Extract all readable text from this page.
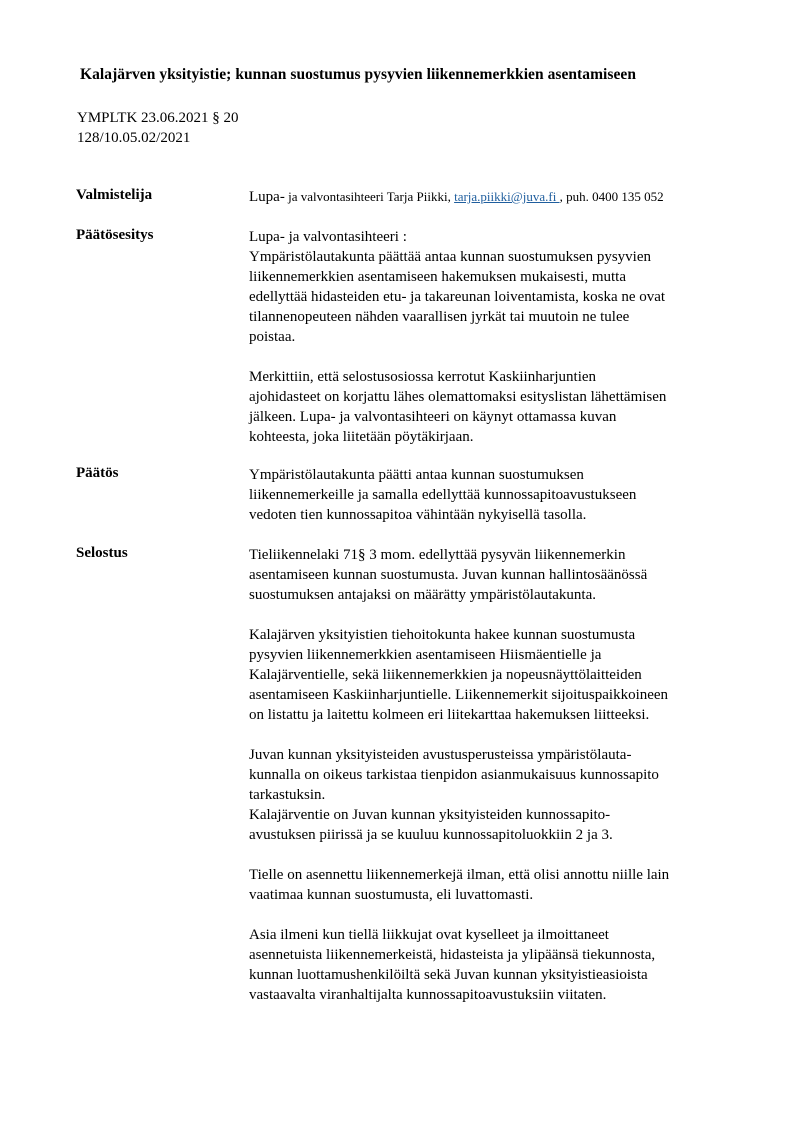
Kalajärven yksityistie; kunnan suostumus pysyvien liikennemerkkien asentamiseen
YMPLTK 23.06.2021 § 20
128/10.05.02/2021
Valmistelija	Lupa- ja valvontasihteeri Tarja Piikki, tarja.piikki@juva.fi , puh. 0400 135 052
Päätösesitys	Lupa- ja valvontasihteeri :
Ympäristölautakunta päättää antaa kunnan suostumuksen pysyvien
liikennemerkkien asentamiseen hakemuksen mukaisesti, mutta
edellyttää hidasteiden etu- ja takareunan loiventamista, koska ne ovat
tilannenopeuteen nähden vaarallisen jyrkät tai muutoin ne tulee
poistaa.
Merkittiin, että selostusosiossa kerrotut Kaskiinharjuntien
ajohidasteet on korjattu lähes olemattomaksi esityslistan lähettämisen
jälkeen. Lupa- ja valvontasihteeri on käynyt ottamassa kuvan
kohteesta, joka liitetään pöytäkirjaan.
Päätös	Ympäristölautakunta päätti antaa kunnan suostumuksen
liikennemerkeille ja samalla edellyttää kunnossapitoavustukseen
vedoten tien kunnossapitoa vähintään nykyisellä tasolla.
Selostus	Tieliikennelaki 71§ 3 mom. edellyttää pysyvän liikennemerkin
asentamiseen kunnan suostumusta. Juvan kunnan hallintosäänössä
suostumuksen antajaksi on määrätty ympäristölautakunta.
Kalajärven yksityistien tiehoitokunta hakee kunnan suostumusta
pysyvien liikennemerkkien asentamiseen Hiismäentielle ja
Kalajärventielle, sekä liikennemerkkien ja nopeusnäyttölaitteiden
asentamiseen Kaskiinharjuntielle. Liikennemerkit sijoituspaikkoineen
on listattu ja laitettu kolmeen eri liitekarttaa hakemuksen liitteeksi.
Juvan kunnan yksityisteiden avustusperusteissa ympäristölauta-
kunnalla on oikeus tarkistaa tienpidon asianmukaisuus kunnossapito
tarkastuksin.
Kalajärventie on Juvan kunnan yksityisteiden kunnossapito-
avustuksen piirissä ja se kuuluu kunnossapitoluokkiin 2 ja 3.
Tielle on asennettu liikennemerkejä ilman, että olisi annottu niille lain
vaatimaa kunnan suostumusta, eli luvattomasti.
Asia ilmeni kun tiellä liikkujat ovat kyselleet ja ilmoittaneet
asennetuista liikennemerkeistä, hidasteista ja ylipäänsä tiekunnosta,
kunnan luottamushenkilöiltä sekä Juvan kunnan yksityistieasioista
vastaavalta viranhaltijalta kunnossapitoavustuksiin viitaten.
